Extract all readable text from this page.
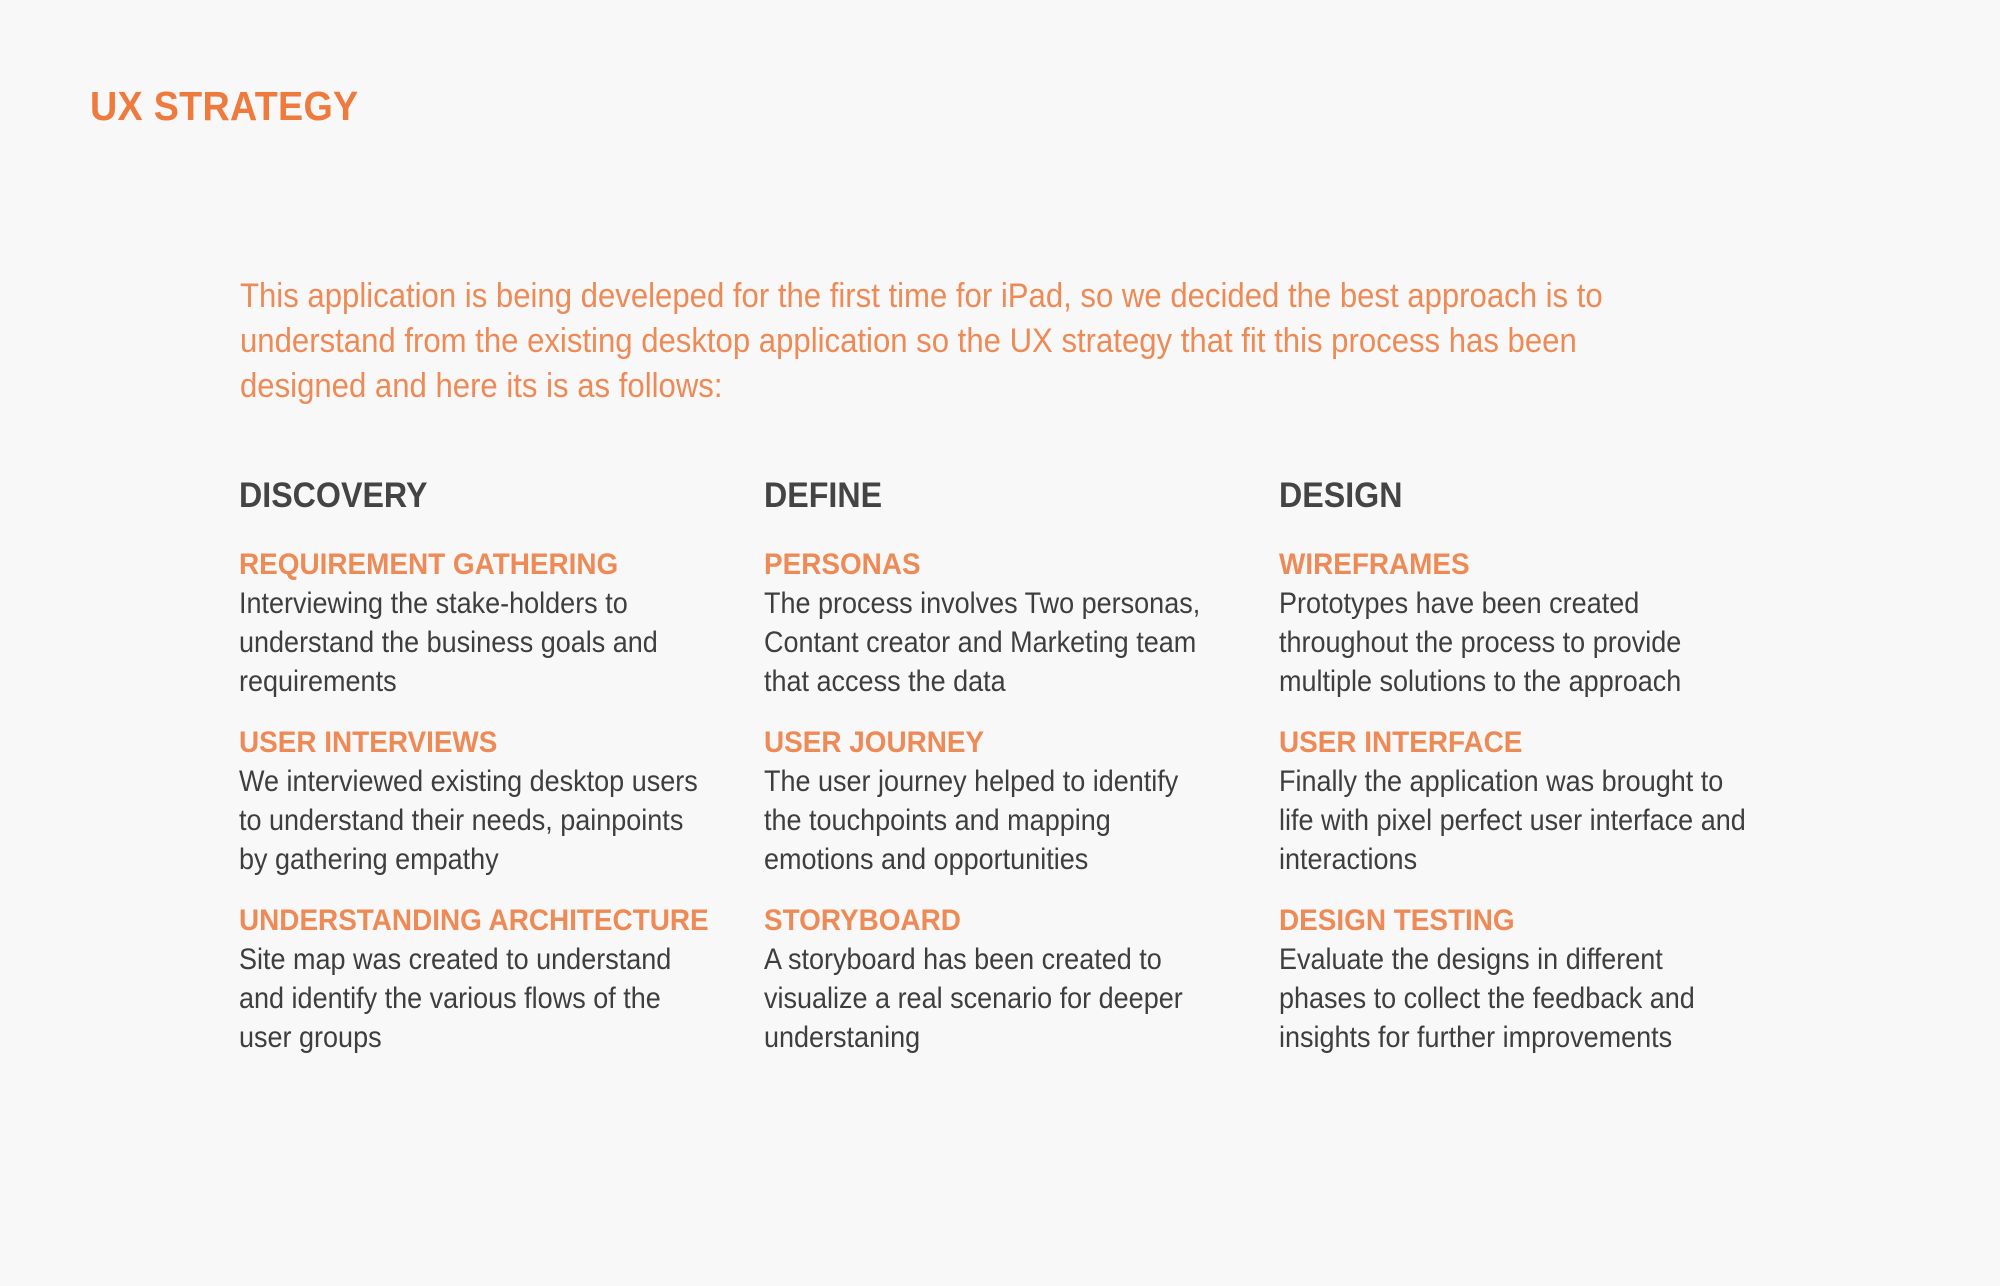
UX STRATEGY

This application is being develeped for the first time for iPad, so we decided the best approach is to understand from the existing desktop application so the UX strategy that fit this process has been designed and here its is as follows:

DISCOVERY
REQUIREMENT GATHERING

Interviewing the stake-holders to understand the business goals and requirements

USER INTERVIEWS

We interviewed existing desktop users to understand their needs, painpoints by gathering empathy

UNDERSTANDING ARCHITECTURE

Site map was created to understand and identify the various flows of the user groups

DEFINE
PERSONAS

The process involves Two personas, Contant creator and Marketing team that access the data

USER JOURNEY

The user journey helped to identify the touchpoints and mapping emotions and opportunities

STORYBOARD

A storyboard has been created to visualize a real scenario for deeper understaning

DESIGN
WIREFRAMES

Prototypes have been created throughout the process to provide multiple solutions to the approach

USER INTERFACE

Finally the application was brought to life with pixel perfect user interface and interactions

DESIGN TESTING

Evaluate the designs in different phases to collect the feedback and insights for further improvements
